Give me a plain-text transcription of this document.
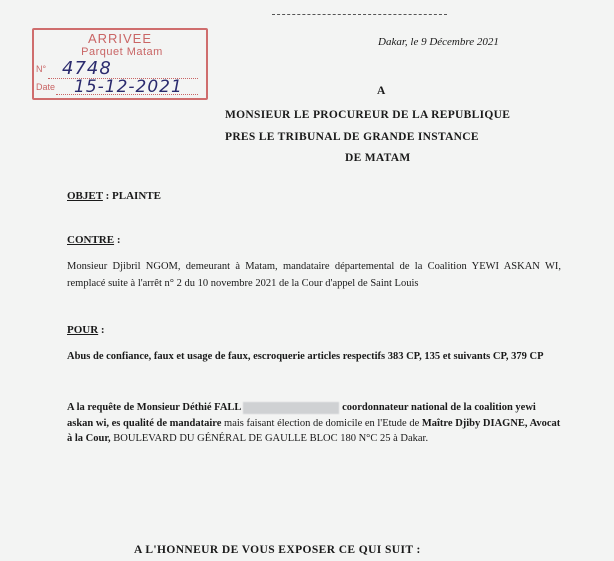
ARRIVEE
Parquet Matam
N°
Date
4748
15-12-2021
Dakar, le 9 Décembre 2021
A
MONSIEUR LE PROCUREUR DE LA REPUBLIQUE
PRES LE TRIBUNAL DE GRANDE INSTANCE
DE MATAM
OBJET : PLAINTE
CONTRE :
Monsieur Djibril NGOM, demeurant à Matam, mandataire départemental de la Coalition YEWI ASKAN WI, remplacé suite à l'arrêt n° 2 du 10 novembre 2021 de la Cour d'appel de Saint Louis
POUR :
Abus de confiance, faux et usage de faux, escroquerie articles respectifs 383 CP, 135 et suivants CP, 379 CP
A la requête de Monsieur Déthié FALL	coordonnateur national de la coalition yewi askan wi, es qualité de mandataire mais faisant élection de domicile en l'Etude de Maître Djiby DIAGNE, Avocat à la Cour, BOULEVARD DU GÉNÉRAL DE GAULLE BLOC 180 N°C 25 à Dakar.
A L'HONNEUR DE VOUS EXPOSER CE QUI SUIT :
